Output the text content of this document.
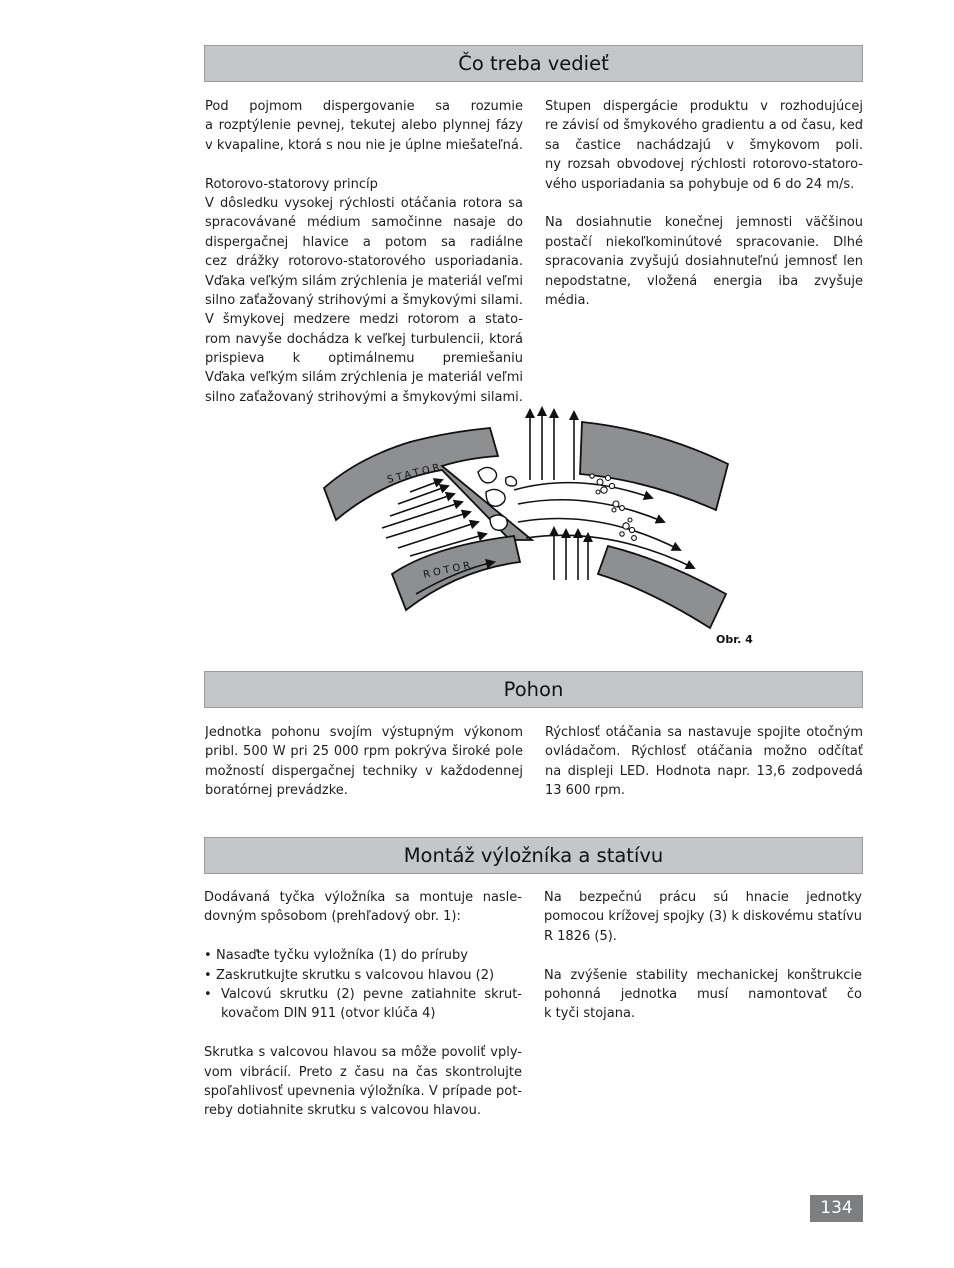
Čo treba vedieť
Pod pojmom dispergovanie sa rozumie
a rozptýlenie pevnej, tekutej alebo plynnej fázy
v kvapaline, ktorá s nou nie je úplne miešateľná.
Rotorovo-statorovy princíp
V dôsledku vysokej rýchlosti otáčania rotora sa
spracovávané médium samočinne nasaje do
dispergačnej hlavice a potom sa radiálne
cez drážky rotorovo-statorového usporiadania.
Vďaka veľkým silám zrýchlenia je materiál veľmi
silno zaťažovaný strihovými a šmykovými silami.
V šmykovej medzere medzi rotorom a stato-
rom navyše dochádza k veľkej turbulencii, ktorá
prispieva k optimálnemu premiešaniu
Vďaka veľkým silám zrýchlenia je materiál veľmi
silno zaťažovaný strihovými a šmykovými silami.
Stupen dispergácie produktu v rozhodujúcej
re závisí od šmykového gradientu a od času, keď
sa častice nachádzajú v šmykovom poli.
ny rozsah obvodovej rýchlosti rotorovo-statoro-
vého usporiadania sa pohybuje od 6 do 24 m/s.
Na dosiahnutie konečnej jemnosti väčšinou
postačí niekoľkominútové spracovanie. Dlhé
spracovania zvyšujú dosiahnuteľnú jemnosť len
nepodstatne, vložená energia iba zvyšuje
média.
STATOR
ROTOR
Obr. 4
Pohon
Jednotka pohonu svojím výstupným výkonom
pribl. 500 W pri 25 000 rpm pokrýva široké pole
možností dispergačnej techniky v každodennej
boratórnej prevádzke.
Rýchlosť otáčania sa nastavuje spojite otočným
ovládačom. Rýchlosť otáčania možno odčítať
na displeji LED. Hodnota napr. 13,6 zodpovedá
13 600 rpm.
Montáž výložníka a statívu
Dodávaná tyčka výložníka sa montuje nasle-
dovným spôsobom (prehľadový obr. 1):
• Nasaďte tyčku vyložníka (1) do príruby
• Zaskrutkujte skrutku s valcovou hlavou (2)
• Valcovú skrutku (2) pevne zatiahnite skrut-
kovačom DIN 911 (otvor klúča 4)
Skrutka s valcovou hlavou sa môže povoliť vply-
vom vibrácií. Preto z času na čas skontrolujte
spoľahlivosť upevnenia výložníka. V prípade pot-
reby dotiahnite skrutku s valcovou hlavou.
Na bezpečnú prácu sú hnacie jednotky
pomocou krížovej spojky (3) k diskovému statívu
R 1826 (5).
Na zvýšenie stability mechanickej konštrukcie
pohonná jednotka musí namontovať čo
k tyči stojana.
134
